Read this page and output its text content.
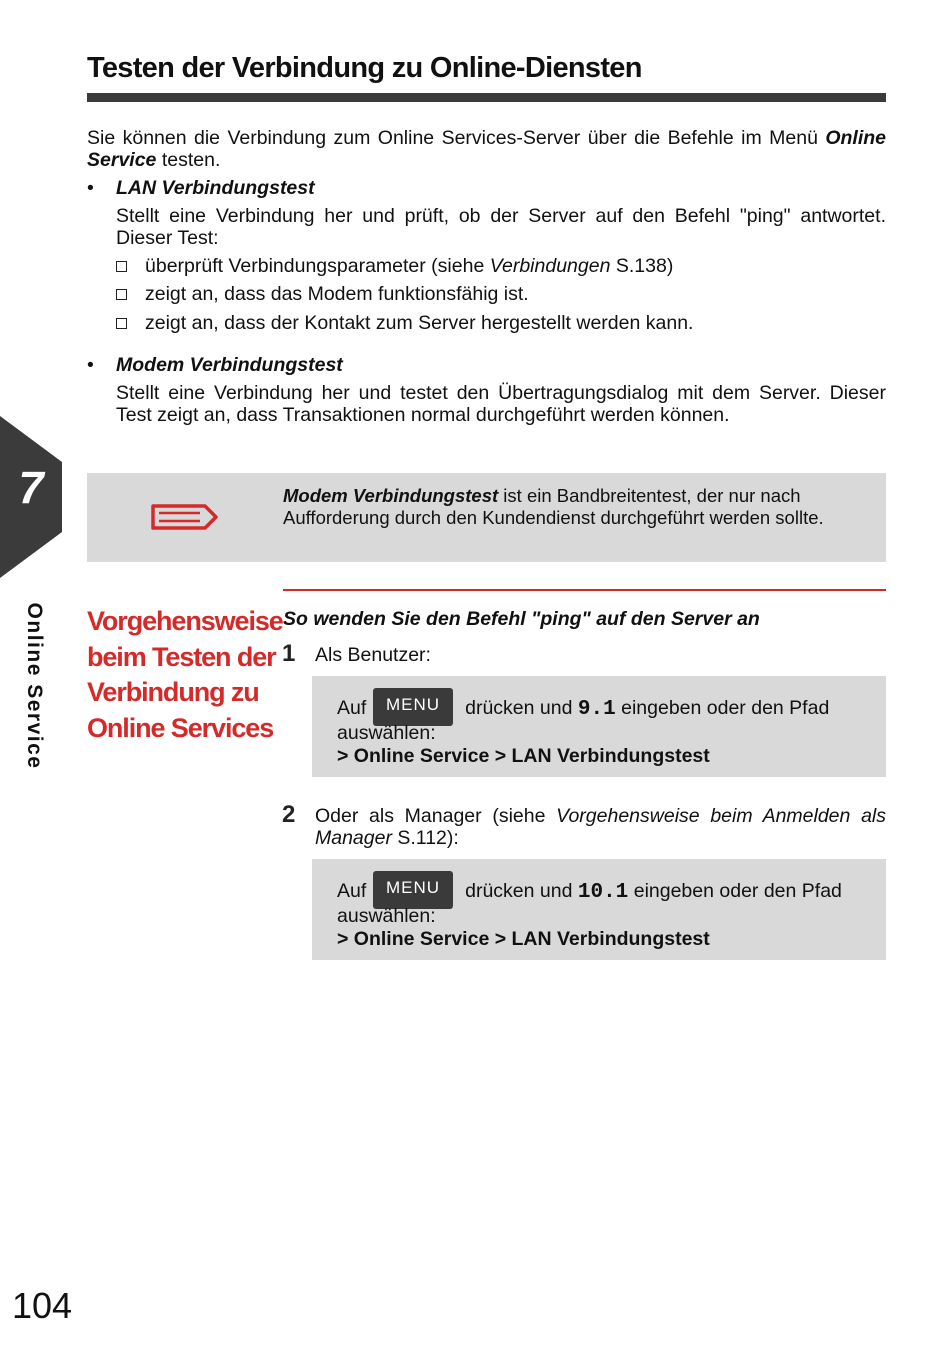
Testen der Verbindung zu Online-Diensten
Sie können die Verbindung zum Online Services-Server über die Befehle im Menü Online Service testen.
• LAN Verbindungstest
Stellt eine Verbindung her und prüft, ob der Server auf den Befehl "ping" antwortet. Dieser Test:
überprüft Verbindungsparameter (siehe Verbindungen S.138)
zeigt an, dass das Modem funktionsfähig ist.
zeigt an, dass der Kontakt zum Server hergestellt werden kann.
• Modem Verbindungstest
Stellt eine Verbindung her und testet den Übertragungsdialog mit dem Server. Dieser Test zeigt an, dass Transaktionen normal durchgeführt werden können.
7
Online Service
Modem Verbindungstest ist ein Bandbreitentest, der nur nach Aufforderung durch den Kundendienst durchgeführt werden sollte.
Vorgehensweise beim Testen der Verbindung zu Online Services
So wenden Sie den Befehl "ping" auf den Server an
1 Als Benutzer:
Auf	drücken und 9.1 eingeben oder den Pfad
MENU
auswählen:
> Online Service > LAN Verbindungstest
2 Oder als Manager (siehe Vorgehensweise beim Anmelden als Manager S.112):
Auf	drücken und 10.1 eingeben oder den Pfad
MENU
auswählen:
> Online Service > LAN Verbindungstest
104
